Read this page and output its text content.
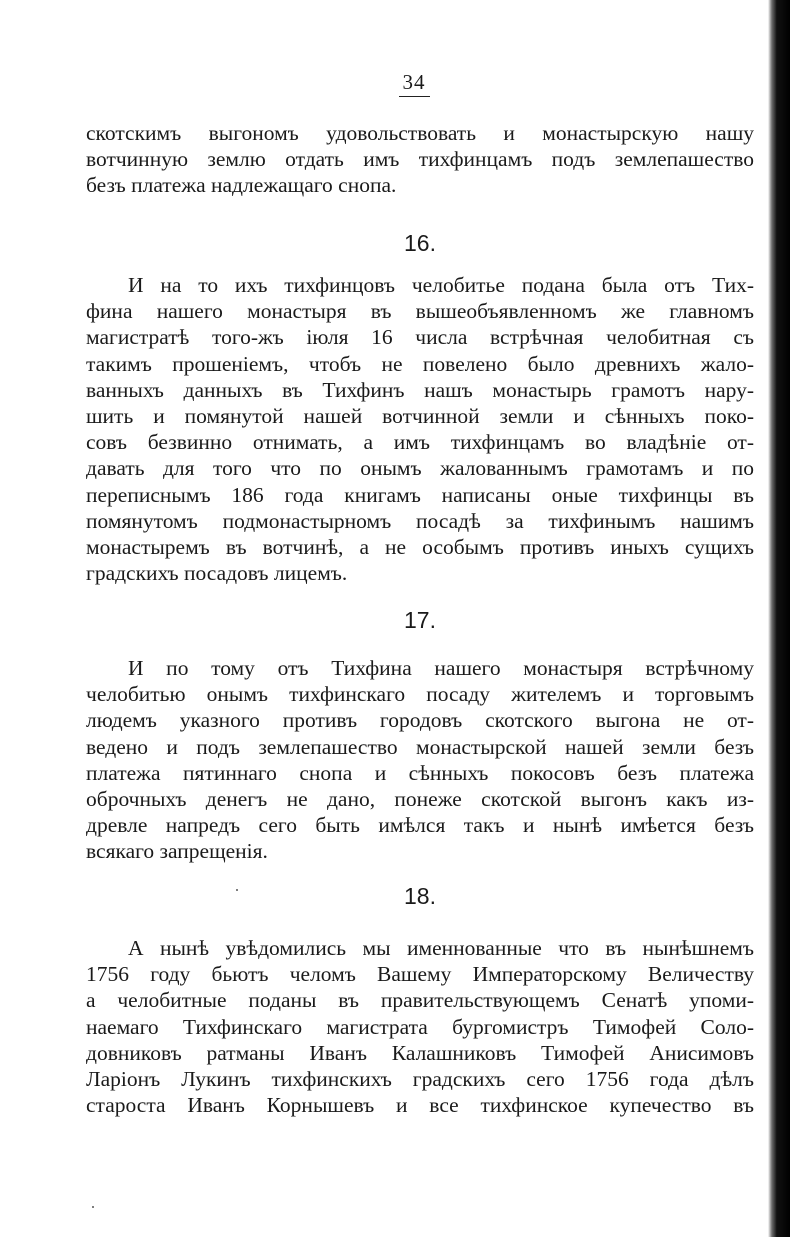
34
скотскимъ выгономъ удовольствовать и монастырскую нашу
вотчинную землю отдать имъ тихфинцамъ подъ землепашество
безъ платежа надлежащаго снопа.
16.
И на то ихъ тихфинцовъ челобитье подана была отъ Тих-
фина нашего монастыря въ вышеобъявленномъ же главномъ
магистратѣ того-жъ іюля 16 числа встрѣчная челобитная съ
такимъ прошеніемъ, чтобъ не повелено было древнихъ жало-
ванныхъ данныхъ въ Тихфинъ нашъ монастырь грамотъ нару-
шить и помянутой нашей вотчинной земли и сѣнныхъ поко-
совъ безвинно отнимать, а имъ тихфинцамъ во владѣніе от-
давать для того что по онымъ жалованнымъ грамотамъ и по
переписнымъ 186 года книгамъ написаны оные тихфинцы въ
помянутомъ подмонастырномъ посадѣ за тихфинымъ нашимъ
монастыремъ въ вотчинѣ, а не особымъ противъ иныхъ сущихъ
градскихъ посадовъ лицемъ.
17.
И по тому отъ Тихфина нашего монастыря встрѣчному
челобитью онымъ тихфинскаго посаду жителемъ и торговымъ
людемъ указного противъ городовъ скотского выгона не от-
ведено и подъ землепашество монастырской нашей земли безъ
платежа пятиннаго снопа и сѣнныхъ покосовъ безъ платежа
оброчныхъ денегъ не дано, понеже скотской выгонъ какъ из-
древле напредъ сего быть имѣлся такъ и нынѣ имѣется безъ
всякаго запрещенія.
18.
А нынѣ увѣдомились мы именнованные что въ нынѣшнемъ
1756 году бьютъ челомъ Вашему Императорскому Величеству
а челобитные поданы въ правительствующемъ Сенатѣ упоми-
наемаго Тихфинскаго магистрата бургомистръ Тимофей Соло-
довниковъ ратманы Иванъ Калашниковъ Тимофей Анисимовъ
Ларіонъ Лукинъ тихфинскихъ градскихъ сего 1756 года дѣлъ
староста Иванъ Корнышевъ и все тихфинское купечество въ
